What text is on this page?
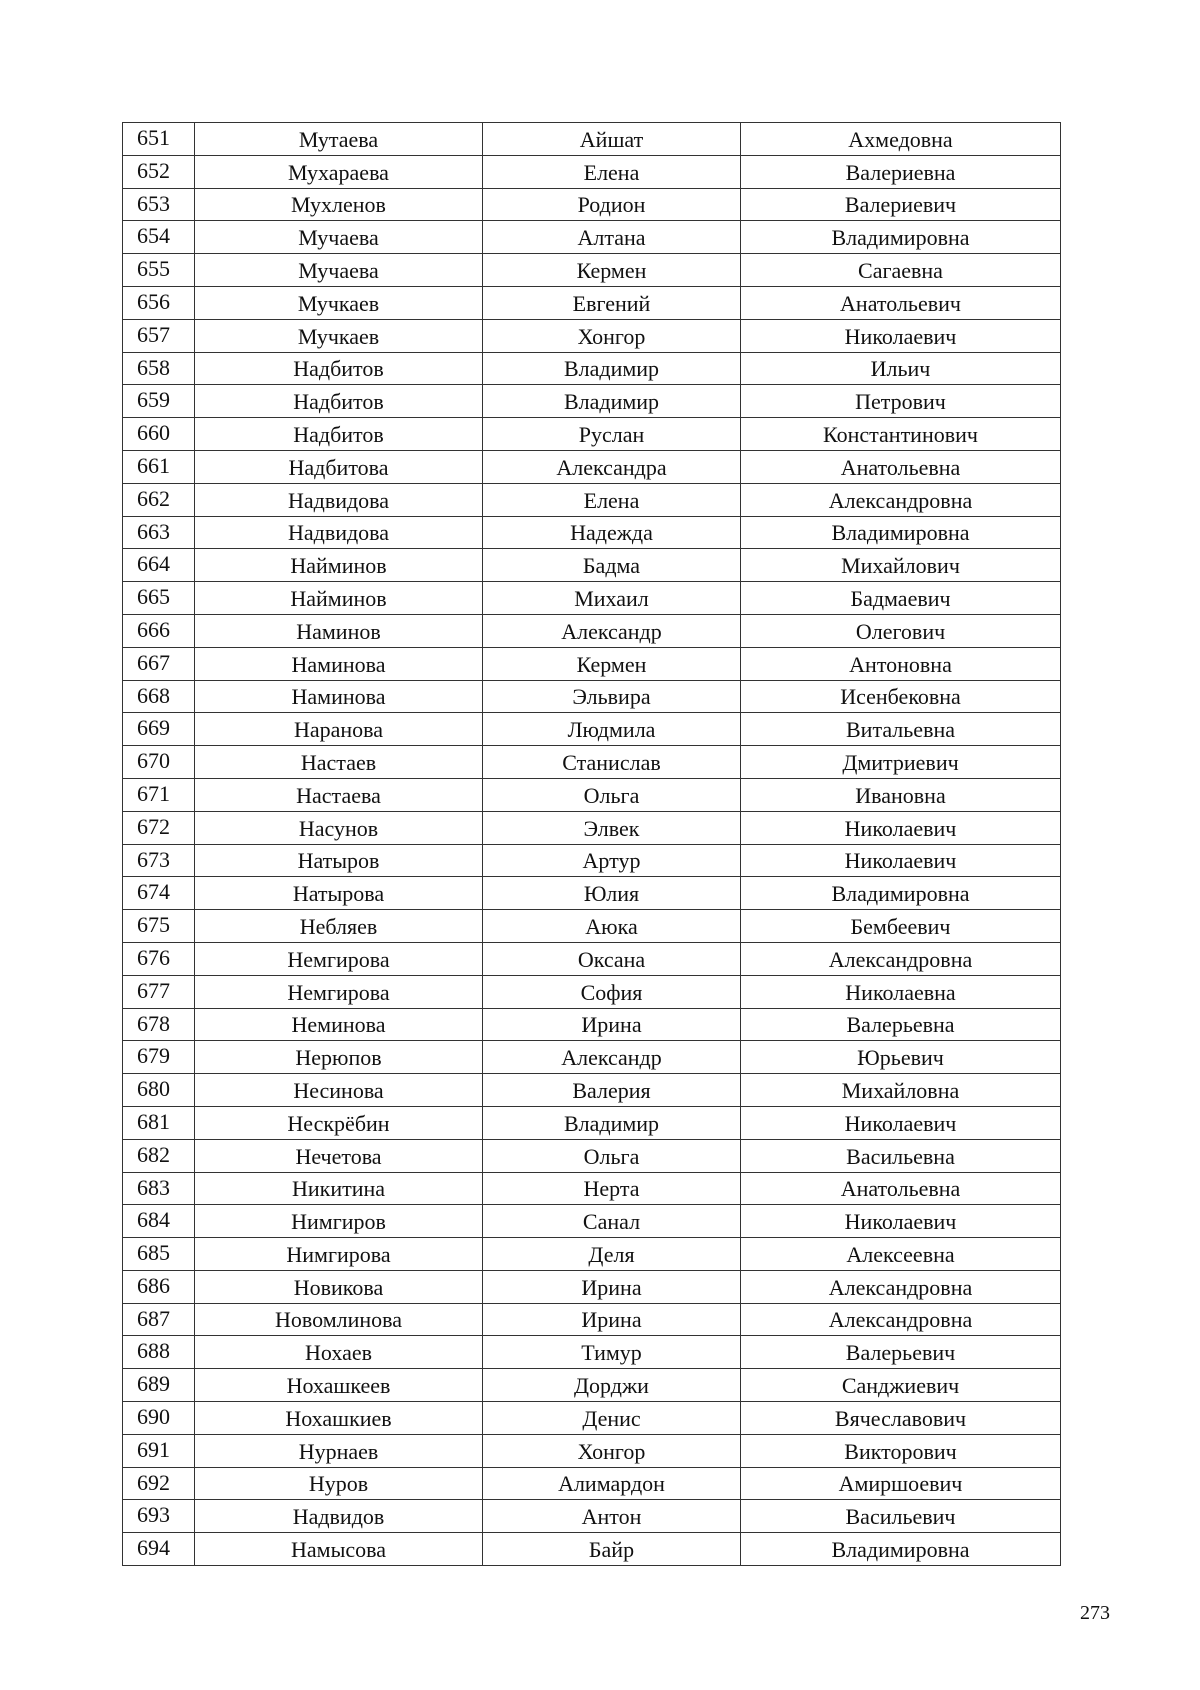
651	Мутаева	Айшат	Ахмедовна
652	Мухараева	Елена	Валериевна
653	Мухленов	Родион	Валериевич
654	Мучаева	Алтана	Владимировна
655	Мучаева	Кермен	Сагаевна
656	Мучкаев	Евгений	Анатольевич
657	Мучкаев	Хонгор	Николаевич
658	Надбитов	Владимир	Ильич
659	Надбитов	Владимир	Петрович
660	Надбитов	Руслан	Константинович
661	Надбитова	Александра	Анатольевна
662	Надвидова	Елена	Александровна
663	Надвидова	Надежда	Владимировна
664	Найминов	Бадма	Михайлович
665	Найминов	Михаил	Бадмаевич
666	Наминов	Александр	Олегович
667	Наминова	Кермен	Антоновна
668	Наминова	Эльвира	Исенбековна
669	Наранова	Людмила	Витальевна
670	Настаев	Станислав	Дмитриевич
671	Настаева	Ольга	Ивановна
672	Насунов	Элвек	Николаевич
673	Натыров	Артур	Николаевич
674	Натырова	Юлия	Владимировна
675	Небляев	Аюка	Бембеевич
676	Немгирова	Оксана	Александровна
677	Немгирова	София	Николаевна
678	Неминова	Ирина	Валерьевна
679	Нерюпов	Александр	Юрьевич
680	Несинова	Валерия	Михайловна
681	Нескрёбин	Владимир	Николаевич
682	Нечетова	Ольга	Васильевна
683	Никитина	Нерта	Анатольевна
684	Нимгиров	Санал	Николаевич
685	Нимгирова	Деля	Алексеевна
686	Новикова	Ирина	Александровна
687	Новомлинова	Ирина	Александровна
688	Нохаев	Тимур	Валерьевич
689	Нохашкеев	Дорджи	Санджиевич
690	Нохашкиев	Денис	Вячеславович
691	Нурнаев	Хонгор	Викторович
692	Нуров	Алимардон	Амиршоевич
693	Надвидов	Антон	Васильевич
694	Намысова	Байр	Владимировна
273
